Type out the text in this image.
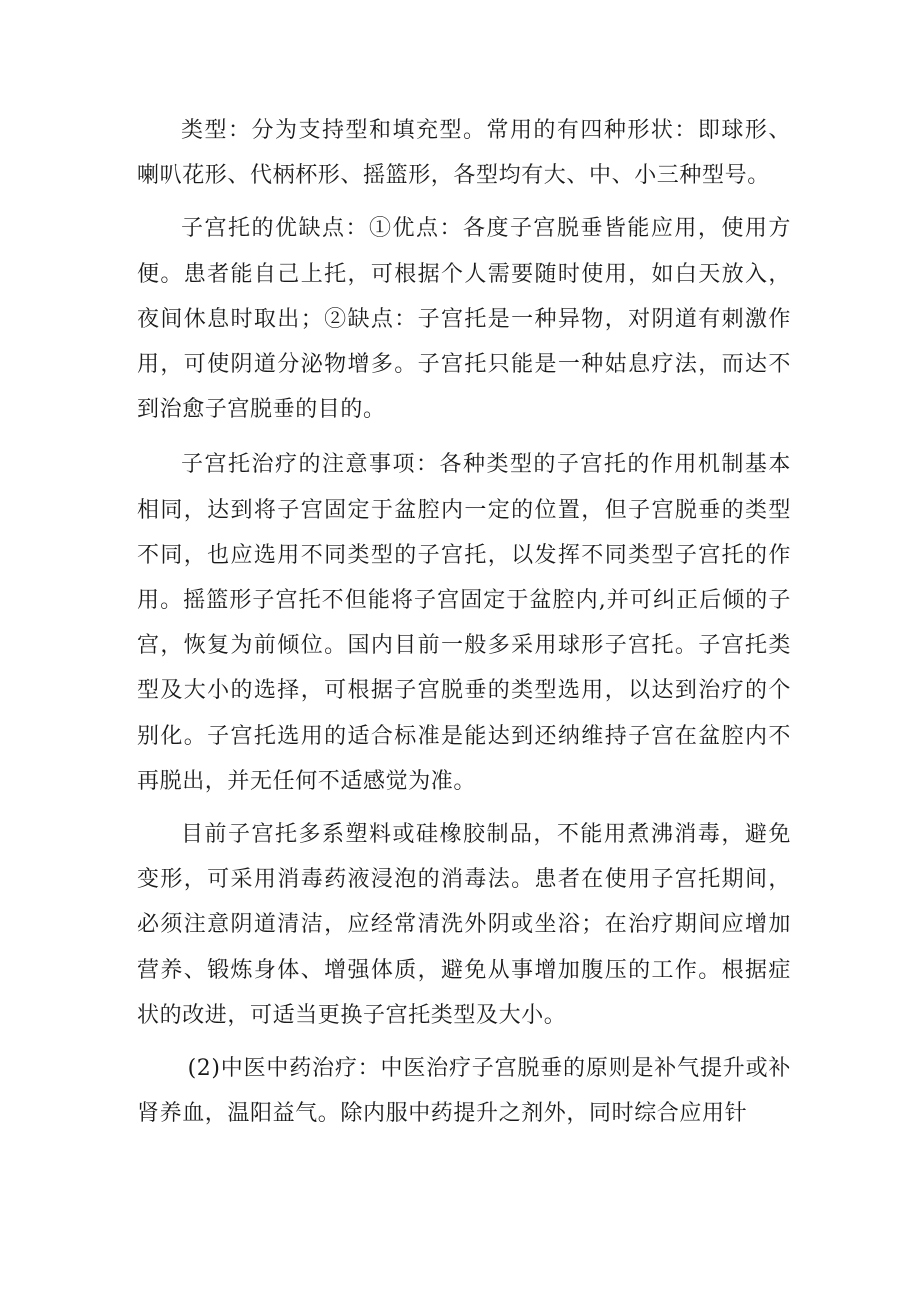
类型：分为支持型和填充型。常用的有四种形状：即球形、喇叭花形、代柄杯形、摇篮形，各型均有大、中、小三种型号。

子宫托的优缺点：①优点：各度子宫脱垂皆能应用，使用方便。患者能自己上托，可根据个人需要随时使用，如白天放入，夜间休息时取出；②缺点：子宫托是一种异物，对阴道有刺激作用，可使阴道分泌物增多。子宫托只能是一种姑息疗法，而达不到治愈子宫脱垂的目的。

子宫托治疗的注意事项：各种类型的子宫托的作用机制基本相同，达到将子宫固定于盆腔内一定的位置，但子宫脱垂的类型不同，也应选用不同类型的子宫托，以发挥不同类型子宫托的作用。摇篮形子宫托不但能将子宫固定于盆腔内,并可纠正后倾的子宫，恢复为前倾位。国内目前一般多采用球形子宫托。子宫托类型及大小的选择，可根据子宫脱垂的类型选用，以达到治疗的个别化。子宫托选用的适合标准是能达到还纳维持子宫在盆腔内不再脱出，并无任何不适感觉为准。

目前子宫托多系塑料或硅橡胶制品，不能用煮沸消毒，避免变形，可采用消毒药液浸泡的消毒法。患者在使用子宫托期间，必须注意阴道清洁，应经常清洗外阴或坐浴；在治疗期间应增加营养、锻炼身体、增强体质，避免从事增加腹压的工作。根据症状的改进，可适当更换子宫托类型及大小。

(2)中医中药治疗：中医治疗子宫脱垂的原则是补气提升或补肾养血，温阳益气。除内服中药提升之剂外，同时综合应用针
